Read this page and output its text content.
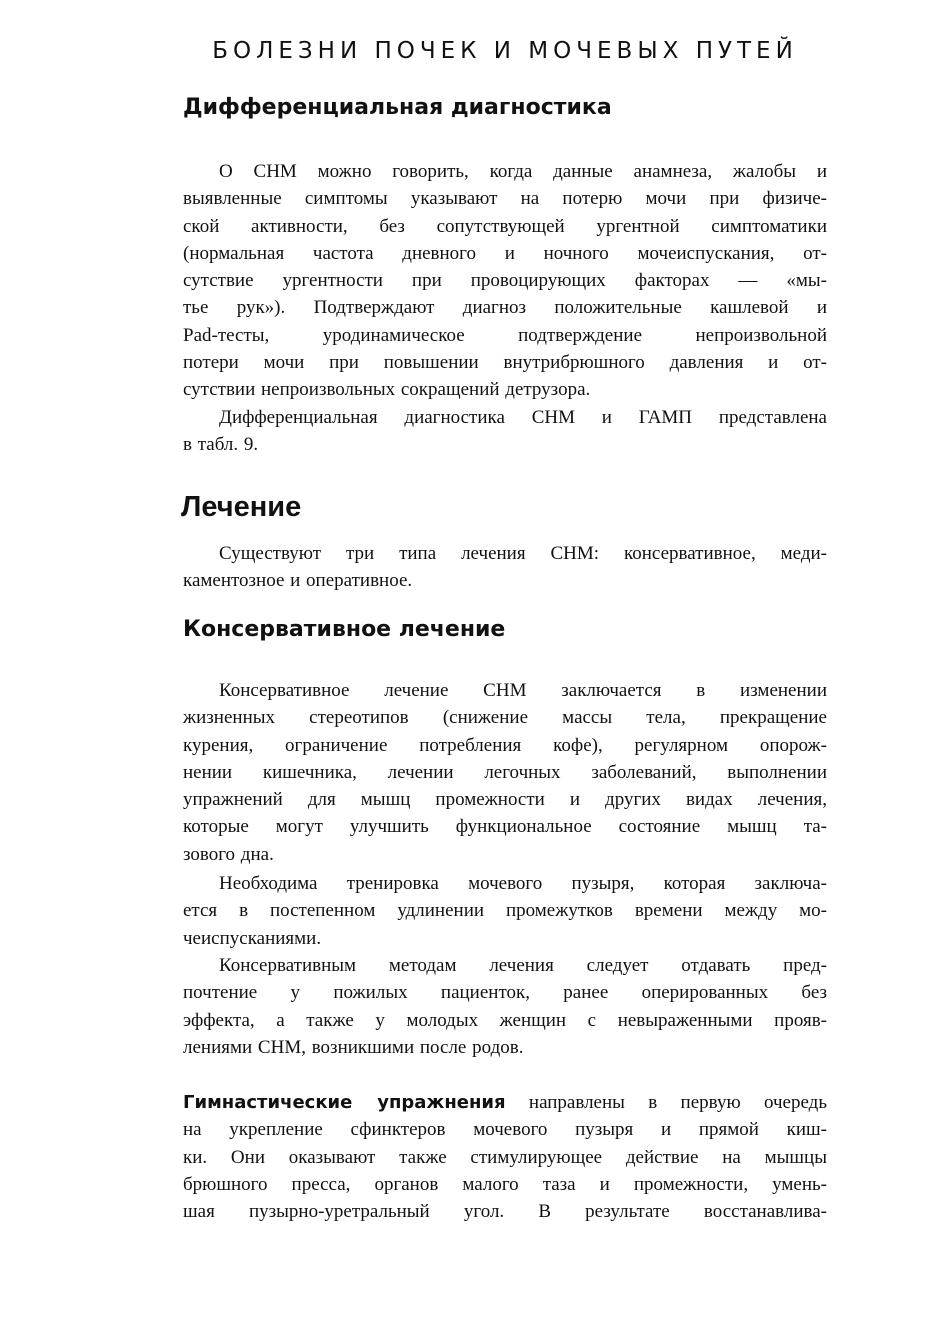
БОЛЕЗНИ ПОЧЕК И МОЧЕВЫХ ПУТЕЙ
Дифференциальная диагностика
О СНМ можно говорить, когда данные анамнеза, жалобы и
выявленные симптомы указывают на потерю мочи при физиче-
ской активности, без сопутствующей ургентной симптоматики
(нормальная частота дневного и ночного мочеиспускания, от-
сутствие ургентности при провоцирующих факторах — «мы-
тье рук»). Подтверждают диагноз положительные кашлевой и
Pad-тесты, уродинамическое подтверждение непроизвольной
потери мочи при повышении внутрибрюшного давления и от-
сутствии непроизвольных сокращений детрузора.
Дифференциальная диагностика СНМ и ГАМП представлена
в табл. 9.
Лечение
Существуют три типа лечения СНМ: консервативное, меди-
каментозное и оперативное.
Консервативное лечение
Консервативное лечение СНМ заключается в изменении
жизненных стереотипов (снижение массы тела, прекращение
курения, ограничение потребления кофе), регулярном опорож-
нении кишечника, лечении легочных заболеваний, выполнении
упражнений для мышц промежности и других видах лечения,
которые могут улучшить функциональное состояние мышц та-
зового дна.
Необходима тренировка мочевого пузыря, которая заключа-
ется в постепенном удлинении промежутков времени между мо-
чеиспусканиями.
Консервативным методам лечения следует отдавать пред-
почтение у пожилых пациенток, ранее оперированных без
эффекта, а также у молодых женщин с невыраженными прояв-
лениями СНМ, возникшими после родов.
Гимнастические упражнения направлены в первую очередь
на укрепление сфинктеров мочевого пузыря и прямой киш-
ки. Они оказывают также стимулирующее действие на мышцы
брюшного пресса, органов малого таза и промежности, умень-
шая пузырно-уретральный угол. В результате восстанавлива-
